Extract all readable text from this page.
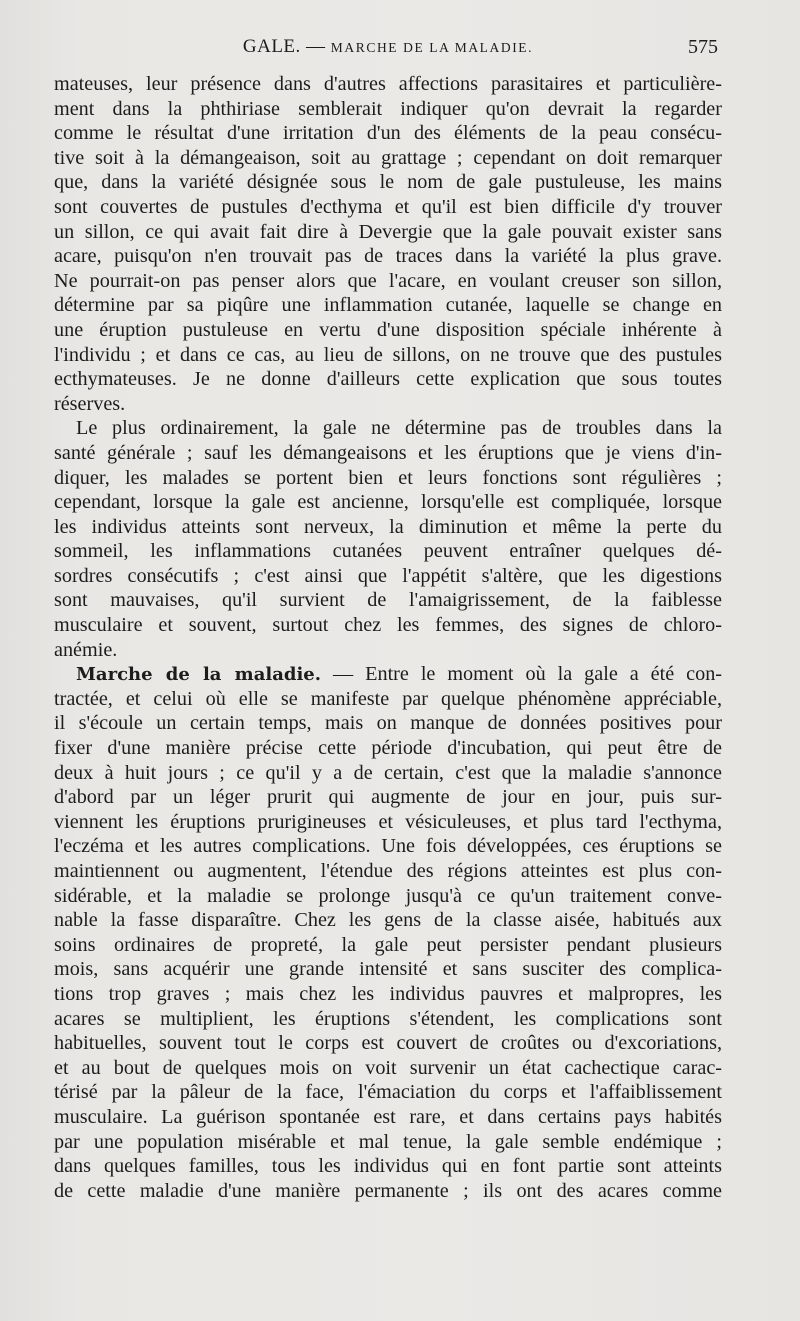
GALE. — MARCHE DE LA MALADIE.	575
mateuses, leur présence dans d'autres affections parasitaires et particulière-
ment dans la phthiriase semblerait indiquer qu'on devrait la regarder
comme le résultat d'une irritation d'un des éléments de la peau consécu-
tive soit à la démangeaison, soit au grattage ; cependant on doit remarquer
que, dans la variété désignée sous le nom de gale pustuleuse, les mains
sont couvertes de pustules d'ecthyma et qu'il est bien difficile d'y trouver
un sillon, ce qui avait fait dire à Devergie que la gale pouvait exister sans
acare, puisqu'on n'en trouvait pas de traces dans la variété la plus grave.
Ne pourrait-on pas penser alors que l'acare, en voulant creuser son sillon,
détermine par sa piqûre une inflammation cutanée, laquelle se change en
une éruption pustuleuse en vertu d'une disposition spéciale inhérente à
l'individu ; et dans ce cas, au lieu de sillons, on ne trouve que des pustules
ecthymateuses. Je ne donne d'ailleurs cette explication que sous toutes
réserves.
Le plus ordinairement, la gale ne détermine pas de troubles dans la
santé générale ; sauf les démangeaisons et les éruptions que je viens d'in-
diquer, les malades se portent bien et leurs fonctions sont régulières ;
cependant, lorsque la gale est ancienne, lorsqu'elle est compliquée, lorsque
les individus atteints sont nerveux, la diminution et même la perte du
sommeil, les inflammations cutanées peuvent entraîner quelques dé-
sordres consécutifs ; c'est ainsi que l'appétit s'altère, que les digestions
sont mauvaises, qu'il survient de l'amaigrissement, de la faiblesse
musculaire et souvent, surtout chez les femmes, des signes de chloro-
anémie.
Marche de la maladie. — Entre le moment où la gale a été con-
tractée, et celui où elle se manifeste par quelque phénomène appréciable,
il s'écoule un certain temps, mais on manque de données positives pour
fixer d'une manière précise cette période d'incubation, qui peut être de
deux à huit jours ; ce qu'il y a de certain, c'est que la maladie s'annonce
d'abord par un léger prurit qui augmente de jour en jour, puis sur-
viennent les éruptions prurigineuses et vésiculeuses, et plus tard l'ecthyma,
l'eczéma et les autres complications. Une fois développées, ces éruptions se
maintiennent ou augmentent, l'étendue des régions atteintes est plus con-
sidérable, et la maladie se prolonge jusqu'à ce qu'un traitement conve-
nable la fasse disparaître. Chez les gens de la classe aisée, habitués aux
soins ordinaires de propreté, la gale peut persister pendant plusieurs
mois, sans acquérir une grande intensité et sans susciter des complica-
tions trop graves ; mais chez les individus pauvres et malpropres, les
acares se multiplient, les éruptions s'étendent, les complications sont
habituelles, souvent tout le corps est couvert de croûtes ou d'excoriations,
et au bout de quelques mois on voit survenir un état cachectique carac-
térisé par la pâleur de la face, l'émaciation du corps et l'affaiblissement
musculaire. La guérison spontanée est rare, et dans certains pays habités
par une population misérable et mal tenue, la gale semble endémique ;
dans quelques familles, tous les individus qui en font partie sont atteints
de cette maladie d'une manière permanente ; ils ont des acares comme
